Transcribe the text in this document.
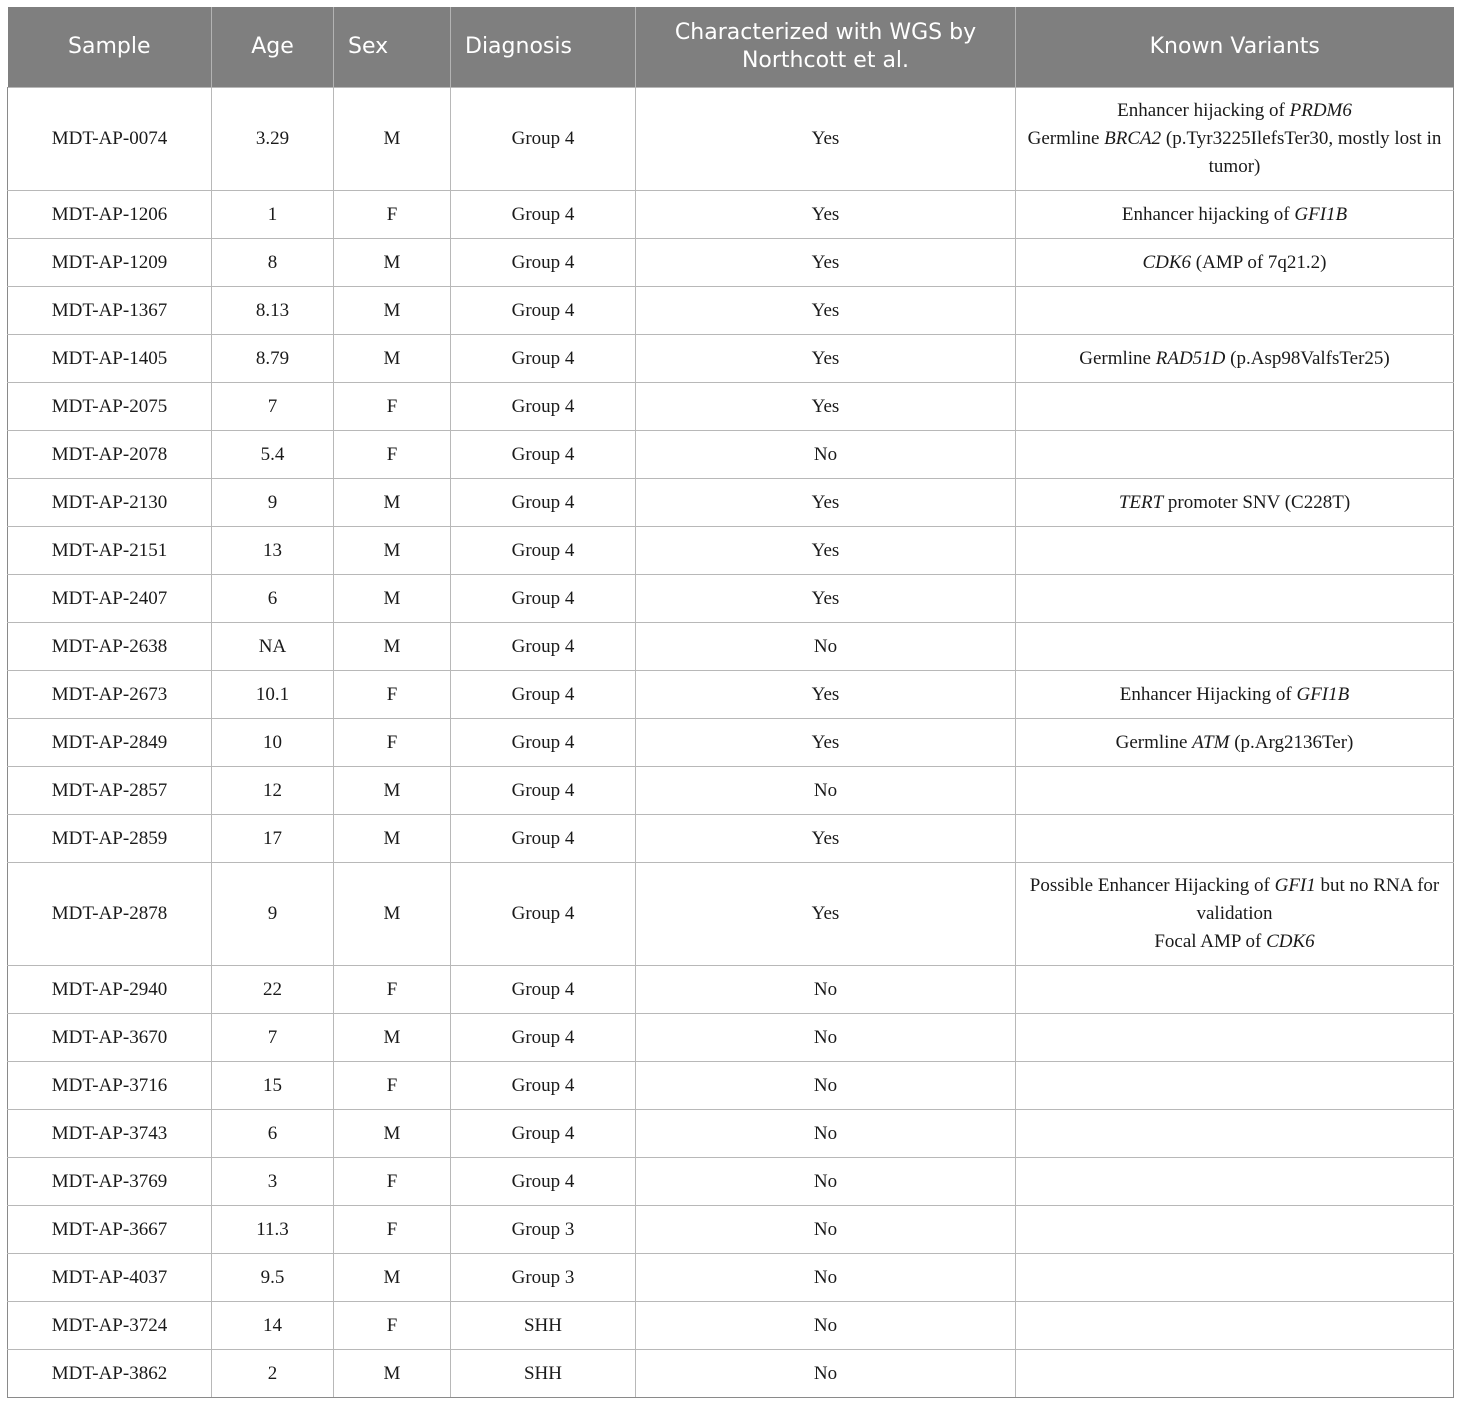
Sample	Age	Sex	Diagnosis	Characterized with WGS by Northcott et al.	Known Variants
MDT-AP-0074	3.29	M	Group 4	Yes	Enhancer hijacking of PRDM6
Germline BRCA2 (p.Tyr3225IlefsTer30, mostly lost in tumor)

MDT-AP-1206	1	F	Group 4	Yes	Enhancer hijacking of GFI1B

MDT-AP-1209	8	M	Group 4	Yes	CDK6 (AMP of 7q21.2)

MDT-AP-1367	8.13	M	Group 4	Yes	
MDT-AP-1405	8.79	M	Group 4	Yes	Germline RAD51D (p.Asp98ValfsTer25)

MDT-AP-2075	7	F	Group 4	Yes	
MDT-AP-2078	5.4	F	Group 4	No	
MDT-AP-2130	9	M	Group 4	Yes	TERT promoter SNV (C228T)

MDT-AP-2151	13	M	Group 4	Yes	
MDT-AP-2407	6	M	Group 4	Yes	
MDT-AP-2638	NA	M	Group 4	No	
MDT-AP-2673	10.1	F	Group 4	Yes	Enhancer Hijacking of GFI1B

MDT-AP-2849	10	F	Group 4	Yes	Germline ATM (p.Arg2136Ter)

MDT-AP-2857	12	M	Group 4	No	
MDT-AP-2859	17	M	Group 4	Yes	
MDT-AP-2878	9	M	Group 4	Yes	Possible Enhancer Hijacking of GFI1 but no RNA for validation
Focal AMP of CDK6

MDT-AP-2940	22	F	Group 4	No	
MDT-AP-3670	7	M	Group 4	No	
MDT-AP-3716	15	F	Group 4	No	
MDT-AP-3743	6	M	Group 4	No	
MDT-AP-3769	3	F	Group 4	No	
MDT-AP-3667	11.3	F	Group 3	No	
MDT-AP-4037	9.5	M	Group 3	No	
MDT-AP-3724	14	F	SHH	No	
MDT-AP-3862	2	M	SHH	No	
